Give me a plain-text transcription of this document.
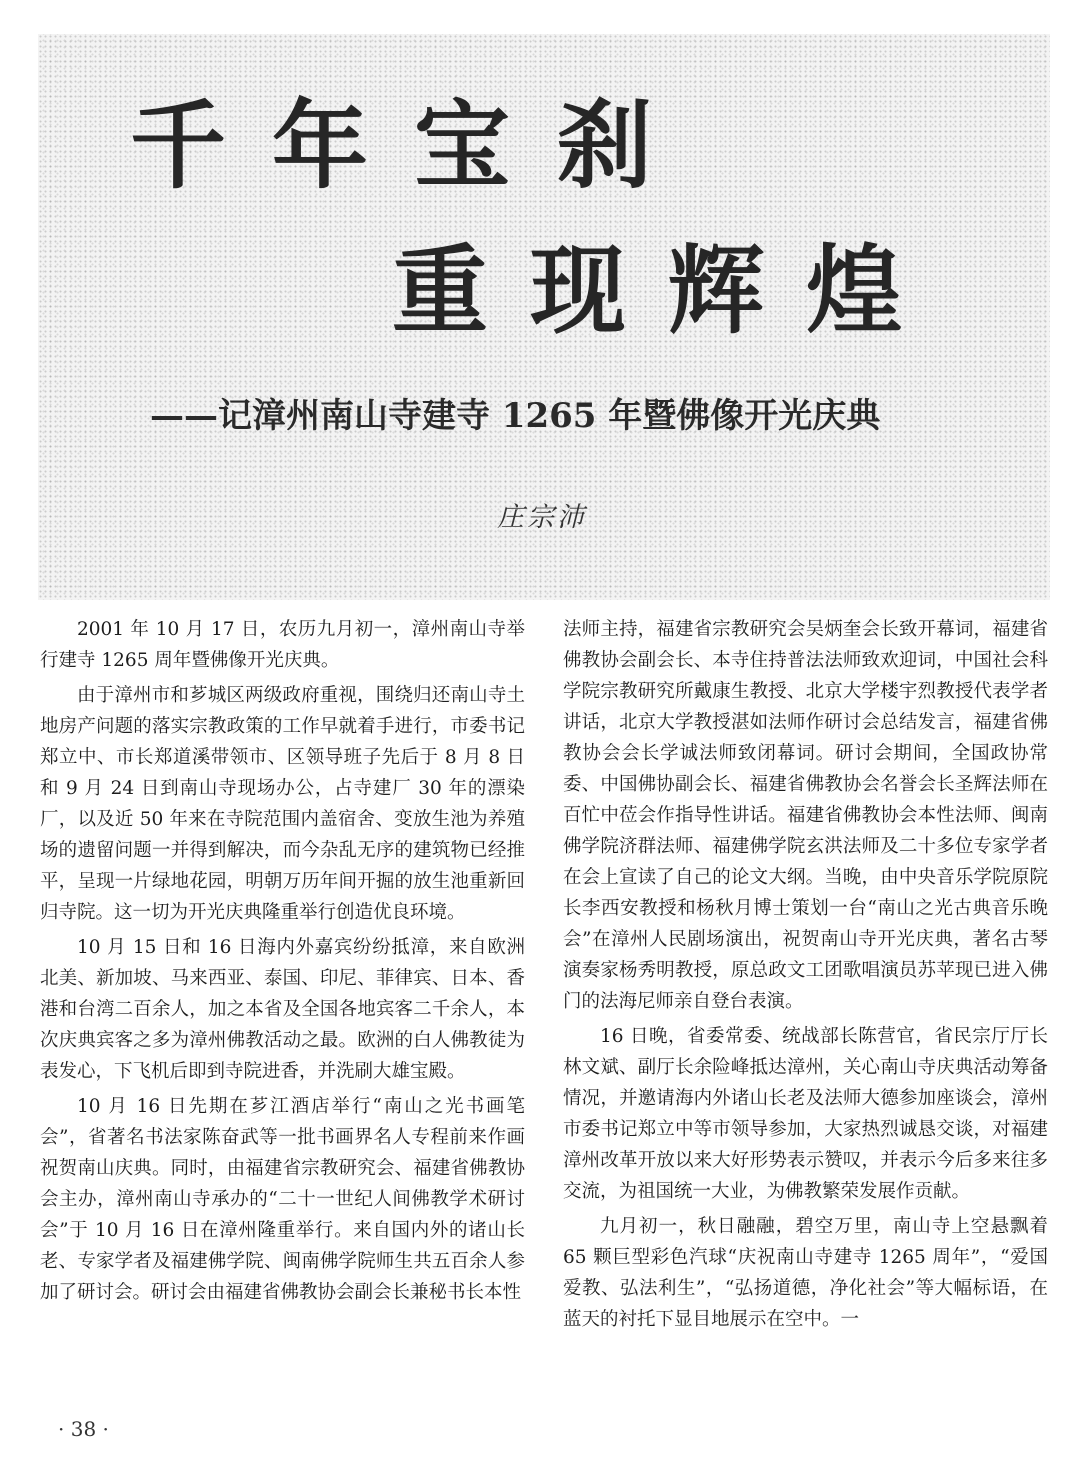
千年宝刹
重现辉煌
——记漳州南山寺建寺 1265 年暨佛像开光庆典
庄宗沛

2001 年 10 月 17 日，农历九月初一，漳州南山寺举行建寺 1265 周年暨佛像开光庆典。

由于漳州市和芗城区两级政府重视，围绕归还南山寺土地房产问题的落实宗教政策的工作早就着手进行，市委书记郑立中、市长郑道溪带领市、区领导班子先后于 8 月 8 日和 9 月 24 日到南山寺现场办公，占寺建厂 30 年的漂染厂，以及近 50 年来在寺院范围内盖宿舍、变放生池为养殖场的遗留问题一并得到解决，而今杂乱无序的建筑物已经推平，呈现一片绿地花园，明朝万历年间开掘的放生池重新回归寺院。这一切为开光庆典隆重举行创造优良环境。

10 月 15 日和 16 日海内外嘉宾纷纷抵漳，来自欧洲北美、新加坡、马来西亚、泰国、印尼、菲律宾、日本、香港和台湾二百余人，加之本省及全国各地宾客二千余人，本次庆典宾客之多为漳州佛教活动之最。欧洲的白人佛教徒为表发心，下飞机后即到寺院进香，并洗刷大雄宝殿。

10 月 16 日先期在芗江酒店举行“南山之光书画笔会”，省著名书法家陈奋武等一批书画界名人专程前来作画祝贺南山庆典。同时，由福建省宗教研究会、福建省佛教协会主办，漳州南山寺承办的“二十一世纪人间佛教学术研讨会”于 10 月 16 日在漳州隆重举行。来自国内外的诸山长老、专家学者及福建佛学院、闽南佛学院师生共五百余人参加了研讨会。研讨会由福建省佛教协会副会长兼秘书长本性

法师主持，福建省宗教研究会吴炳奎会长致开幕词，福建省佛教协会副会长、本寺住持普法法师致欢迎词，中国社会科学院宗教研究所戴康生教授、北京大学楼宇烈教授代表学者讲话，北京大学教授湛如法师作研讨会总结发言，福建省佛教协会会长学诚法师致闭幕词。研讨会期间，全国政协常委、中国佛协副会长、福建省佛教协会名誉会长圣辉法师在百忙中莅会作指导性讲话。福建省佛教协会本性法师、闽南佛学院济群法师、福建佛学院玄洪法师及二十多位专家学者在会上宣读了自己的论文大纲。当晚，由中央音乐学院原院长李西安教授和杨秋月博士策划一台“南山之光古典音乐晚会”在漳州人民剧场演出，祝贺南山寺开光庆典，著名古琴演奏家杨秀明教授，原总政文工团歌唱演员苏苹现已进入佛门的法海尼师亲自登台表演。

16 日晚，省委常委、统战部长陈营官，省民宗厅厅长林文斌、副厅长余险峰抵达漳州，关心南山寺庆典活动筹备情况，并邀请海内外诸山长老及法师大德参加座谈会，漳州市委书记郑立中等市领导参加，大家热烈诚恳交谈，对福建漳州改革开放以来大好形势表示赞叹，并表示今后多来往多交流，为祖国统一大业，为佛教繁荣发展作贡献。

九月初一，秋日融融，碧空万里，南山寺上空悬飘着 65 颗巨型彩色汽球“庆祝南山寺建寺 1265 周年”，“爱国爱教、弘法利生”，“弘扬道德，净化社会”等大幅标语，在蓝天的衬托下显目地展示在空中。一

· 38 ·
